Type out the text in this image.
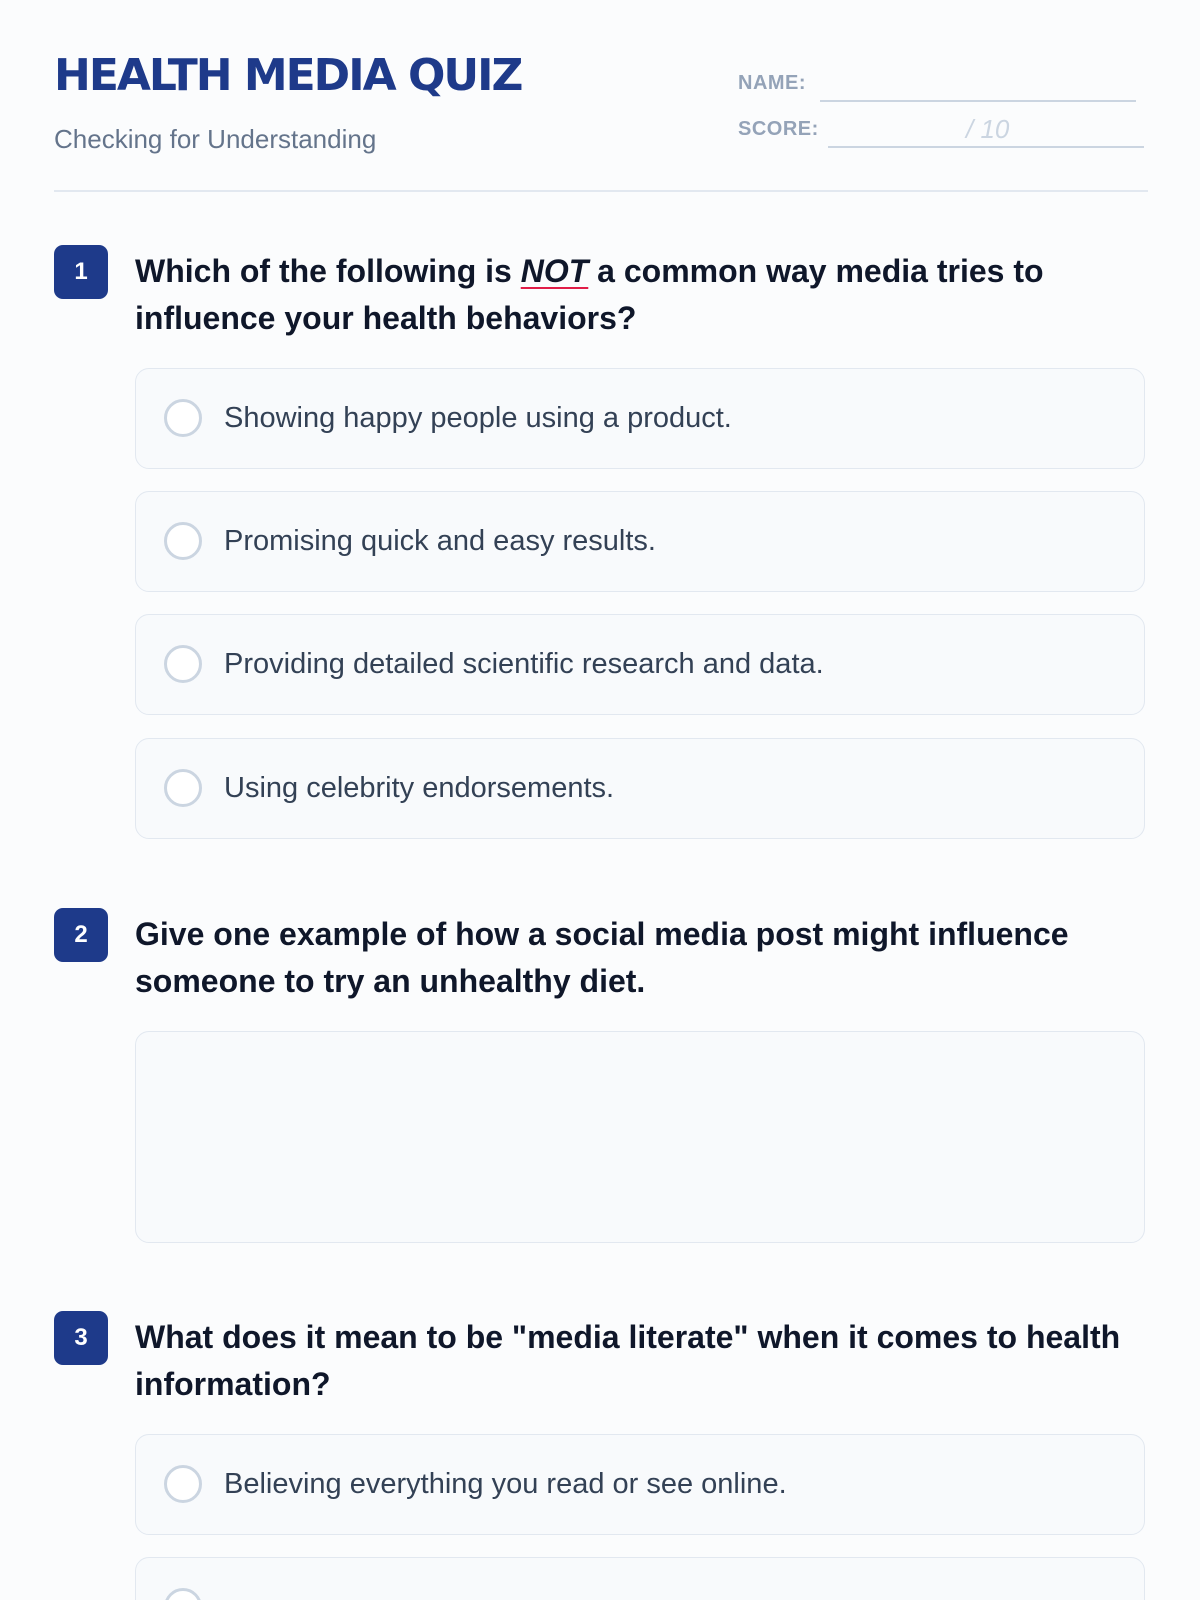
HEALTH MEDIA QUIZ
Checking for Understanding
NAME:
SCORE:	/ 10
1	Which of the following is NOT a common way media tries to influence your health behaviors?
Showing happy people using a product.
Promising quick and easy results.
Providing detailed scientific research and data.
Using celebrity endorsements.
2	Give one example of how a social media post might influence someone to try an unhealthy diet.
3	What does it mean to be "media literate" when it comes to health information?
Believing everything you read or see online.
